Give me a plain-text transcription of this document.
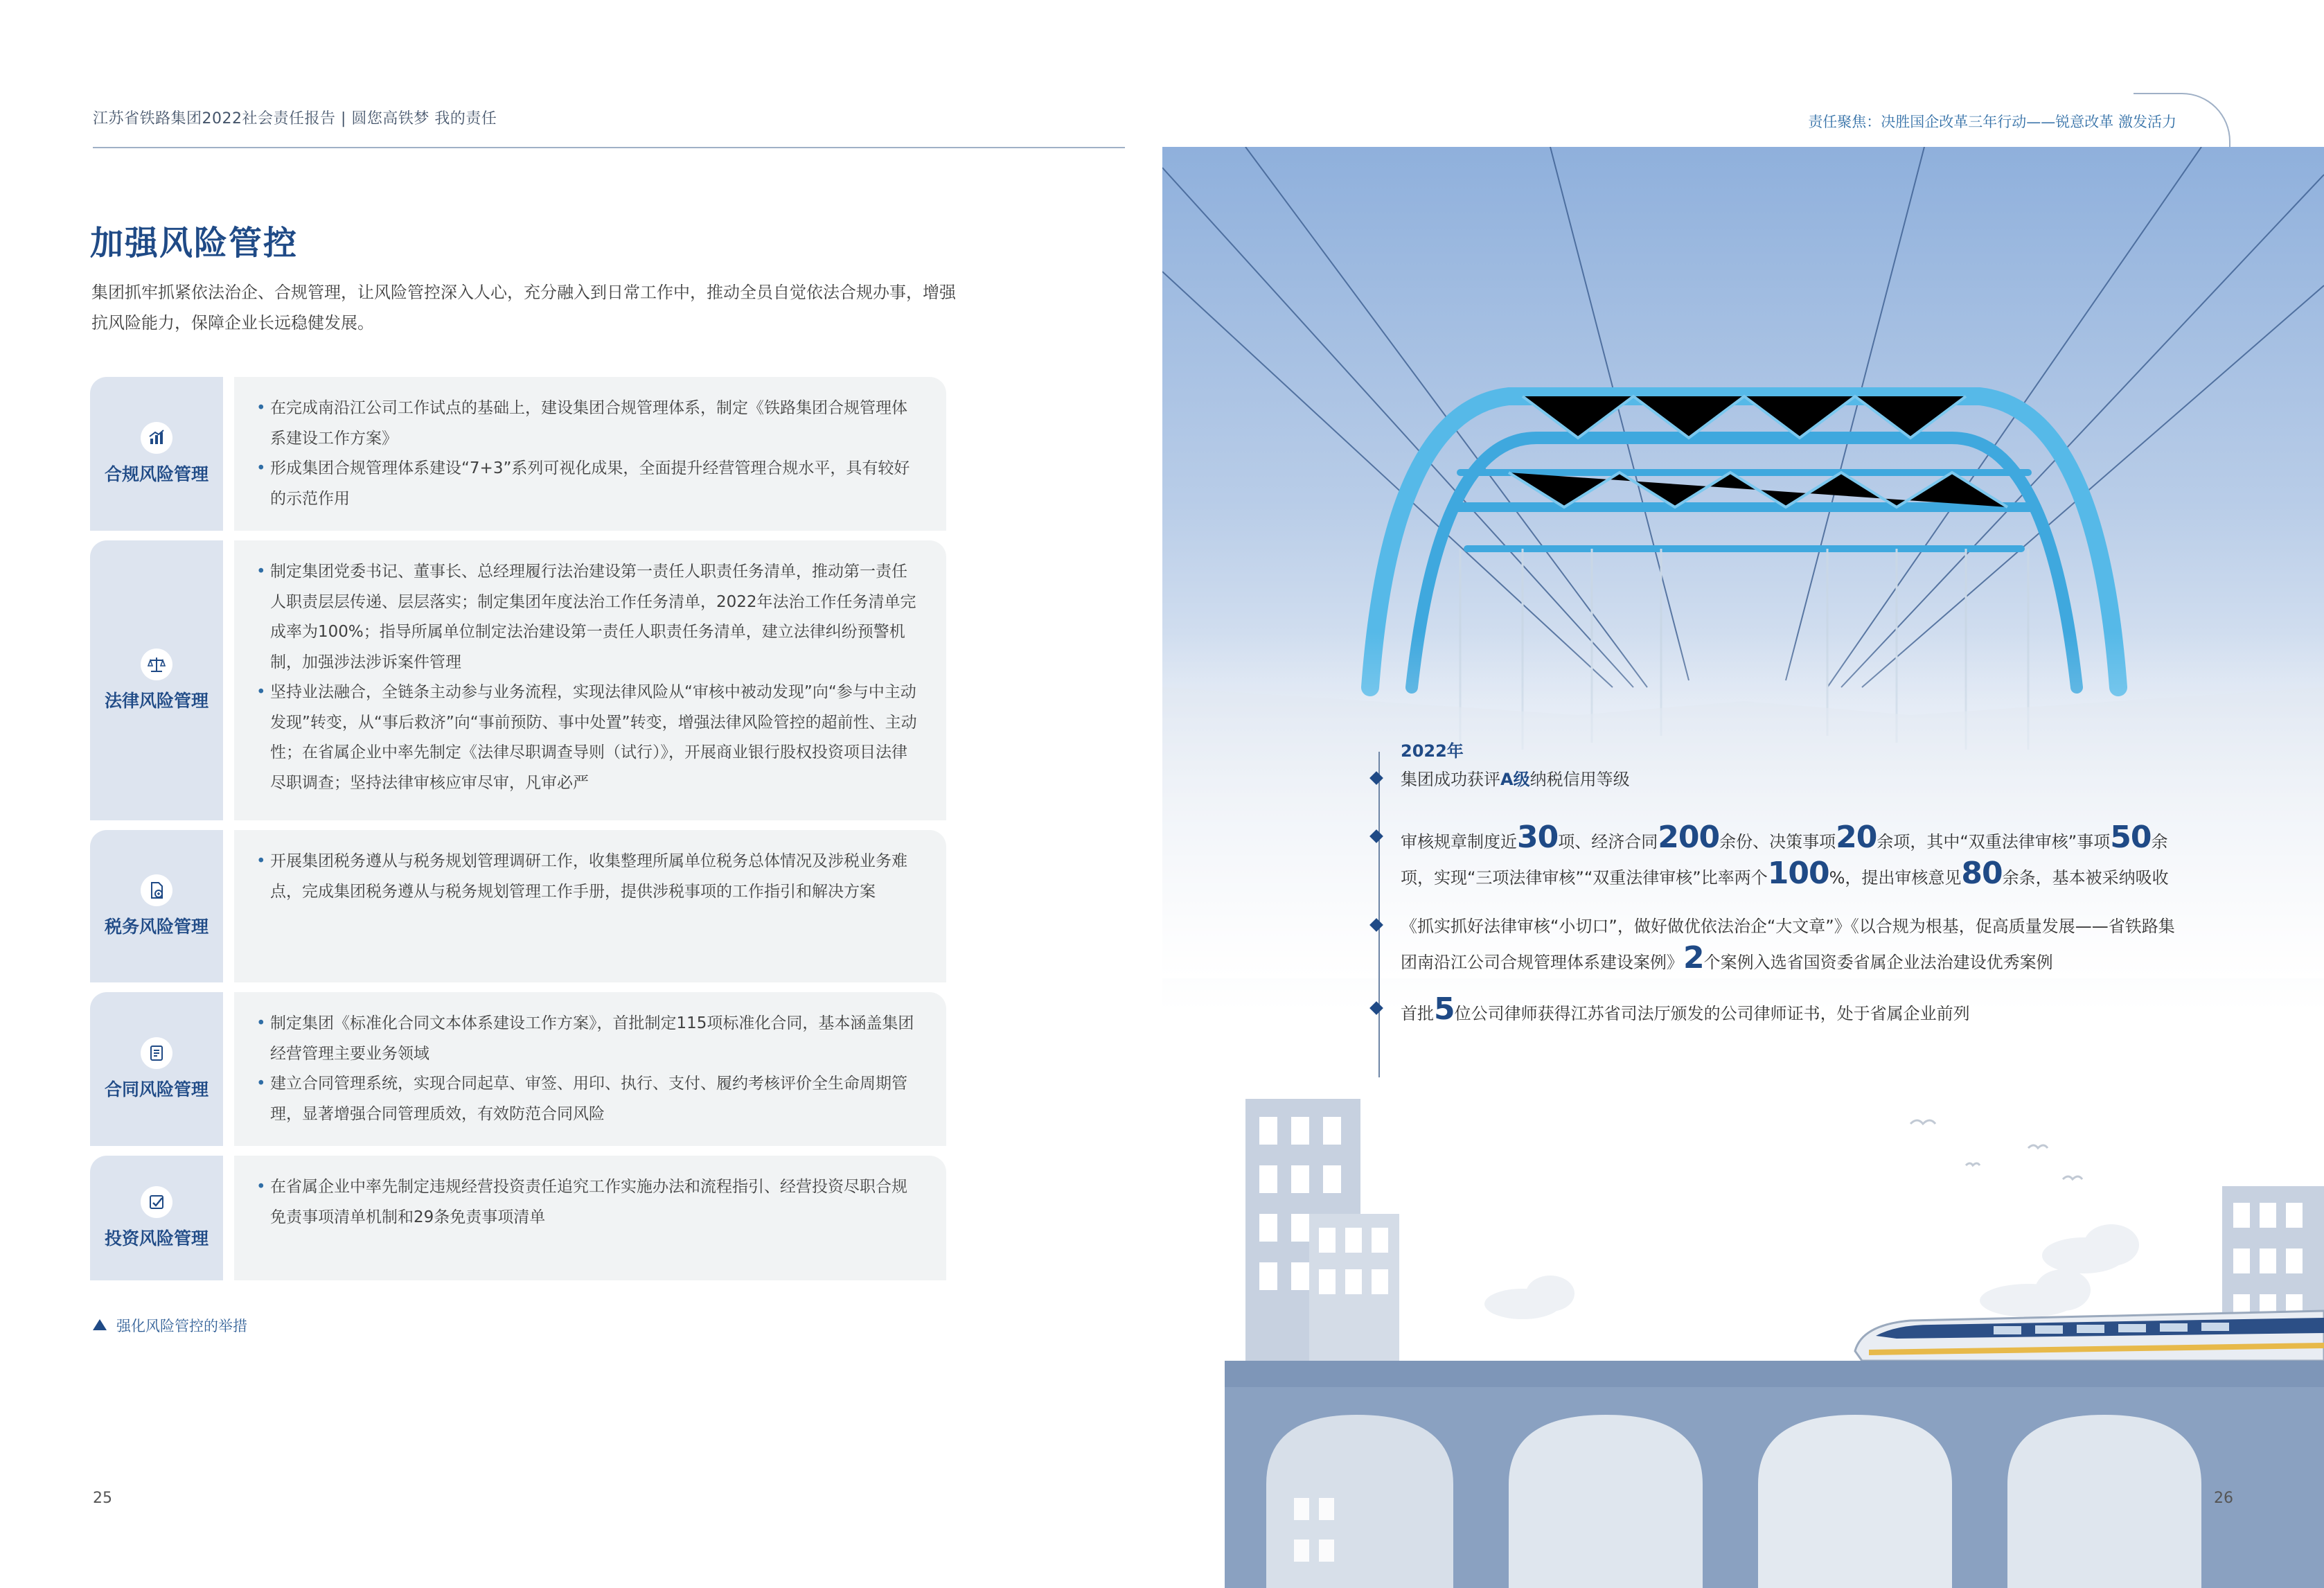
江苏省铁路集团2022社会责任报告 | 圆您高铁梦 我的责任	责任聚焦：决胜国企改革三年行动——锐意改革 激发活力
加强风险管控
集团抓牢抓紧依法治企、合规管理，让风险管控深入人心，充分融入到日常工作中，推动全员自觉依法合规办事，增强抗风险能力，保障企业长远稳健发展。
合规风险管理
• 在完成南沿江公司工作试点的基础上，建设集团合规管理体系，制定《铁路集团合规管理体系建设工作方案》
• 形成集团合规管理体系建设“7+3”系列可视化成果，全面提升经营管理合规水平，具有较好的示范作用
法律风险管理
• 制定集团党委书记、董事长、总经理履行法治建设第一责任人职责任务清单，推动第一责任人职责层层传递、层层落实；制定集团年度法治工作任务清单，2022年法治工作任务清单完成率为100%；指导所属单位制定法治建设第一责任人职责任务清单，建立法律纠纷预警机制，加强涉法涉诉案件管理
• 坚持业法融合，全链条主动参与业务流程，实现法律风险从“审核中被动发现”向“参与中主动发现”转变，从“事后救济”向“事前预防、事中处置”转变，增强法律风险管控的超前性、主动性；在省属企业中率先制定《法律尽职调查导则（试行）》，开展商业银行股权投资项目法律尽职调查；坚持法律审核应审尽审，凡审必严
税务风险管理
• 开展集团税务遵从与税务规划管理调研工作，收集整理所属单位税务总体情况及涉税业务难点，完成集团税务遵从与税务规划管理工作手册，提供涉税事项的工作指引和解决方案
合同风险管理
• 制定集团《标准化合同文本体系建设工作方案》，首批制定115项标准化合同，基本涵盖集团经营管理主要业务领域
• 建立合同管理系统，实现合同起草、审签、用印、执行、支付、履约考核评价全生命周期管理，显著增强合同管理质效，有效防范合同风险
投资风险管理
• 在省属企业中率先制定违规经营投资责任追究工作实施办法和流程指引、经营投资尽职合规免责事项清单机制和29条免责事项清单
强化风险管控的举措
25
2022年
集团成功获评A级纳税信用等级
审核规章制度近30项、经济合同200余份、决策事项20余项，其中“双重法律审核”事项50余项，实现“三项法律审核”“双重法律审核”比率两个100%，提出审核意见80余条，基本被采纳吸收
《抓实抓好法律审核“小切口”，做好做优依法治企“大文章”》《以合规为根基，促高质量发展——省铁路集团南沿江公司合规管理体系建设案例》2个案例入选省国资委省属企业法治建设优秀案例
首批5位公司律师获得江苏省司法厅颁发的公司律师证书，处于省属企业前列
26
